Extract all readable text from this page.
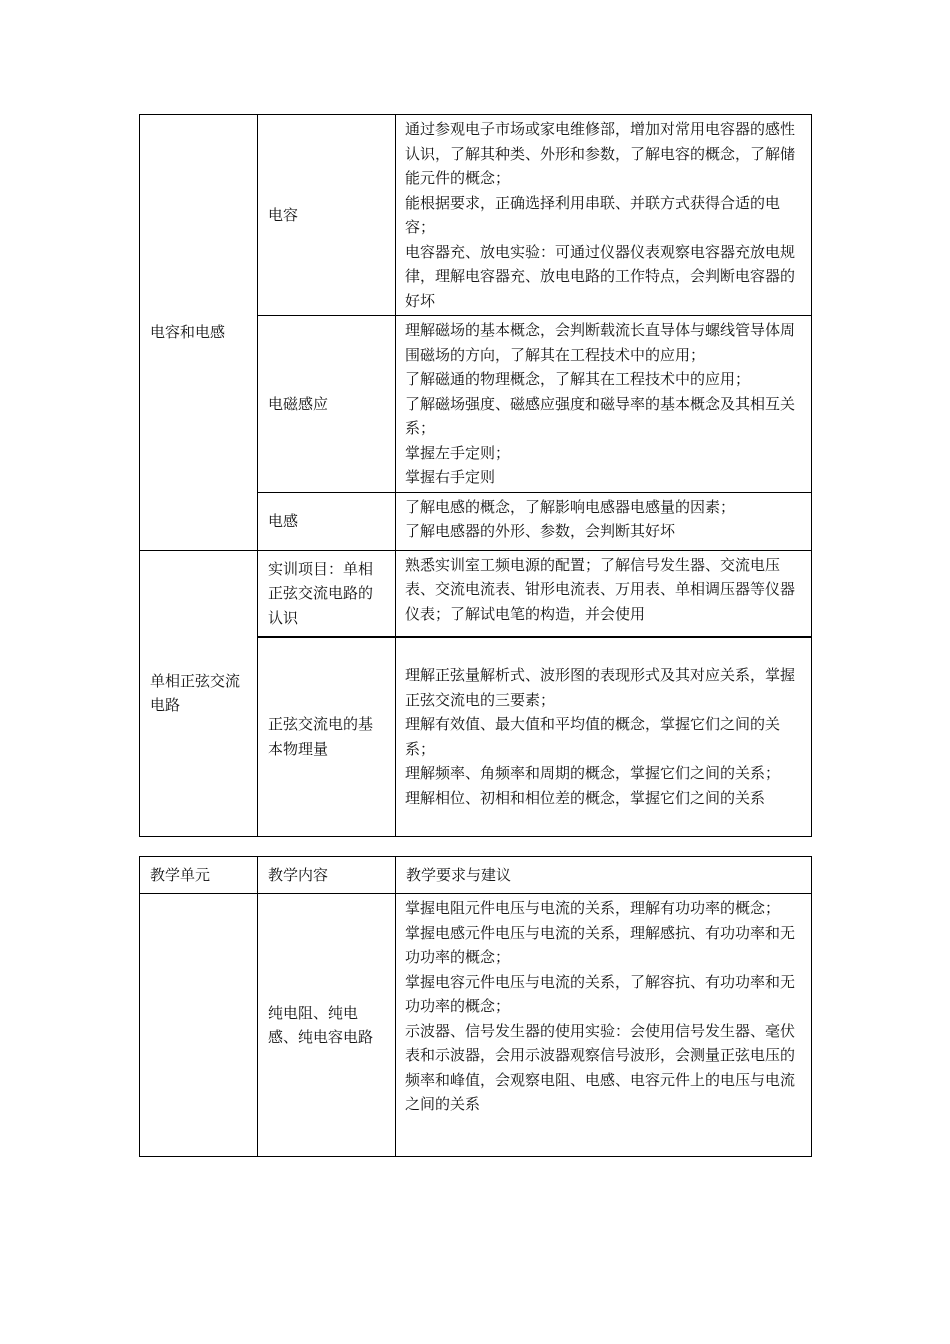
电容和电感	电容	通过参观电子市场或家电维修部，增加对常用电容器的感性认识，了解其种类、外形和参数，了解电容的概念，了解储能元件的概念；
能根据要求，正确选择利用串联、并联方式获得合适的电容；
电容器充、放电实验：可通过仪器仪表观察电容器充放电规律，理解电容器充、放电电路的工作特点，会判断电容器的好坏

	电磁感应	理解磁场的基本概念，会判断载流长直导体与螺线管导体周围磁场的方向，了解其在工程技术中的应用；
了解磁通的物理概念，了解其在工程技术中的应用；
了解磁场强度、磁感应强度和磁导率的基本概念及其相互关系；
掌握左手定则；
掌握右手定则

	电感	了解电感的概念，了解影响电感器电感量的因素；
了解电感器的外形、参数，会判断其好坏

单相正弦交流电路	实训项目：单相正弦交流电路的认识	熟悉实训室工频电源的配置；了解信号发生器、交流电压表、交流电流表、钳形电流表、万用表、单相调压器等仪器仪表；了解试电笔的构造，并会使用

	正弦交流电的基本物理量	理解正弦量解析式、波形图的表现形式及其对应关系，掌握正弦交流电的三要素；
理解有效值、最大值和平均值的概念，掌握它们之间的关系；
理解频率、角频率和周期的概念，掌握它们之间的关系；
理解相位、初相和相位差的概念，掌握它们之间的关系
教学单元	教学内容	教学要求与建议
	纯电阻、纯电感、纯电容电路	掌握电阻元件电压与电流的关系，理解有功功率的概念；
掌握电感元件电压与电流的关系，理解感抗、有功功率和无功功率的概念；
掌握电容元件电压与电流的关系，了解容抗、有功功率和无功功率的概念；
示波器、信号发生器的使用实验：会使用信号发生器、毫伏表和示波器，会用示波器观察信号波形，会测量正弦电压的频率和峰值，会观察电阻、电感、电容元件上的电压与电流之间的关系
